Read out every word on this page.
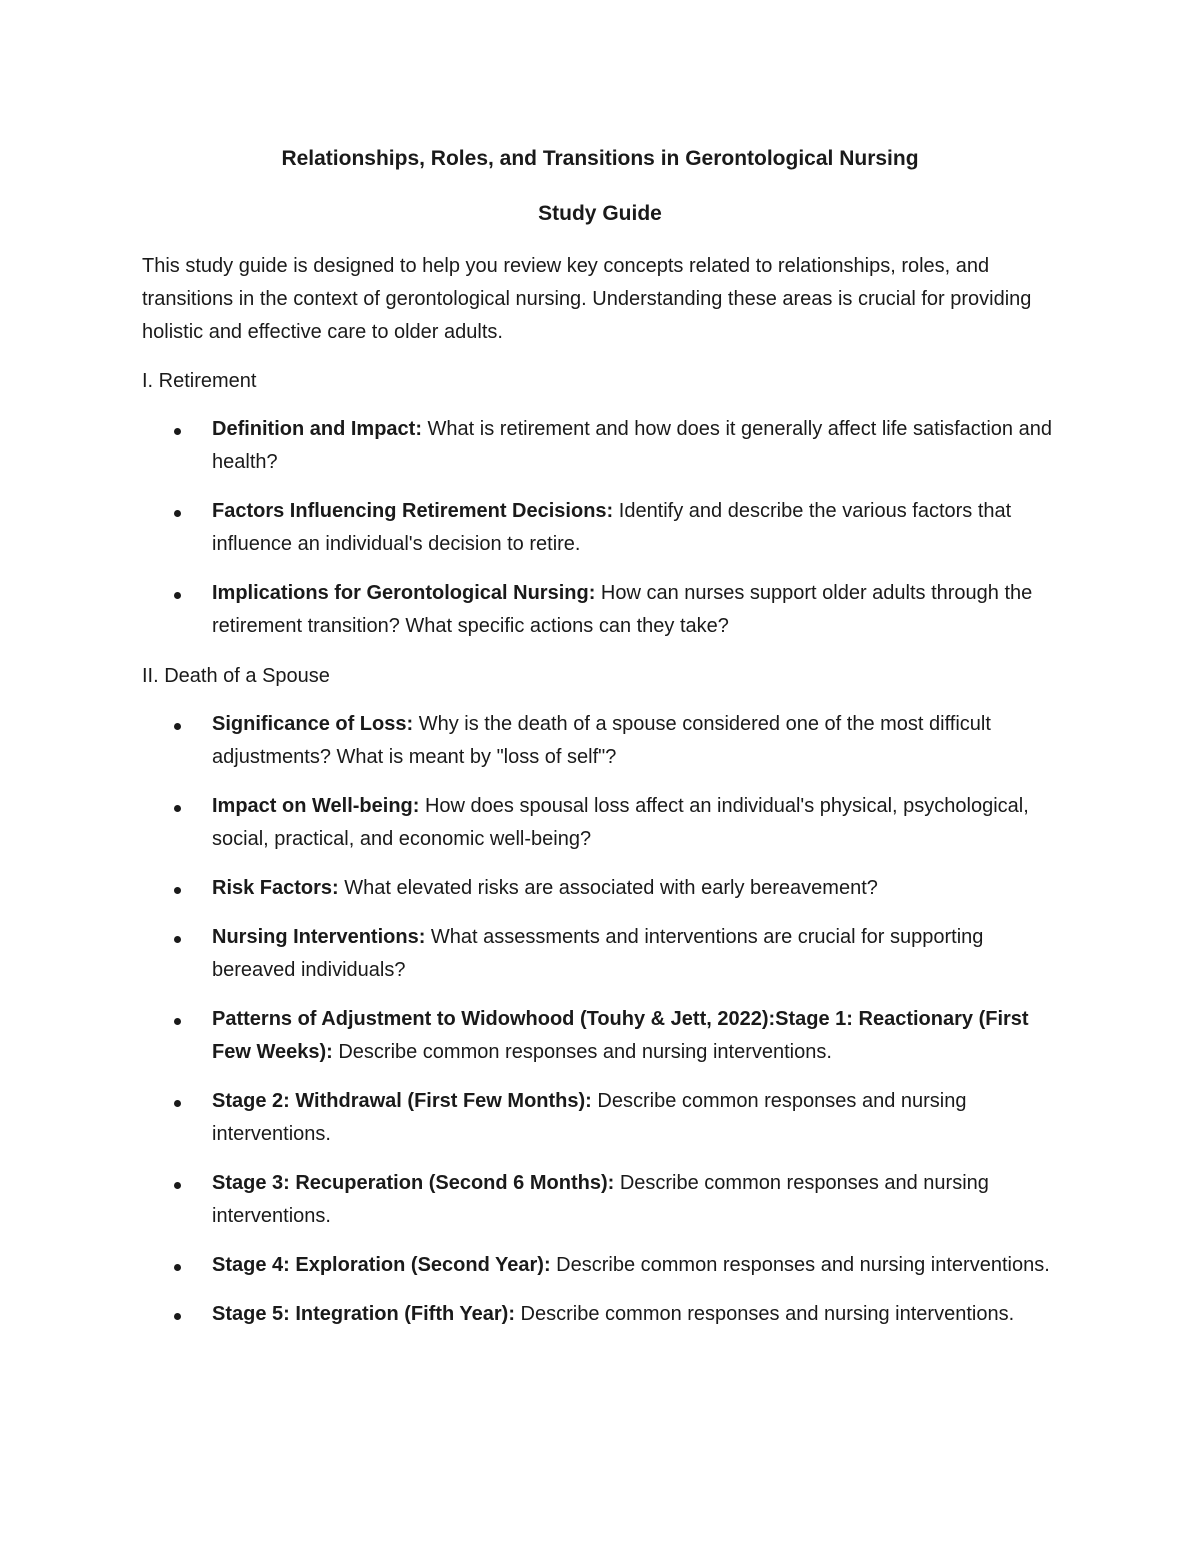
Relationships, Roles, and Transitions in Gerontological Nursing
Study Guide

This study guide is designed to help you review key concepts related to relationships, roles, and transitions in the context of gerontological nursing. Understanding these areas is crucial for providing holistic and effective care to older adults.

I. Retirement

Definition and Impact: What is retirement and how does it generally affect life satisfaction and health?
Factors Influencing Retirement Decisions: Identify and describe the various factors that influence an individual's decision to retire.
Implications for Gerontological Nursing: How can nurses support older adults through the retirement transition? What specific actions can they take?

II. Death of a Spouse

Significance of Loss: Why is the death of a spouse considered one of the most difficult adjustments? What is meant by "loss of self"?
Impact on Well-being: How does spousal loss affect an individual's physical, psychological, social, practical, and economic well-being?
Risk Factors: What elevated risks are associated with early bereavement?
Nursing Interventions: What assessments and interventions are crucial for supporting bereaved individuals?
Patterns of Adjustment to Widowhood (Touhy & Jett, 2022):Stage 1: Reactionary (First Few Weeks): Describe common responses and nursing interventions.
Stage 2: Withdrawal (First Few Months): Describe common responses and nursing interventions.
Stage 3: Recuperation (Second 6 Months): Describe common responses and nursing interventions.
Stage 4: Exploration (Second Year): Describe common responses and nursing interventions.
Stage 5: Integration (Fifth Year): Describe common responses and nursing interventions.
